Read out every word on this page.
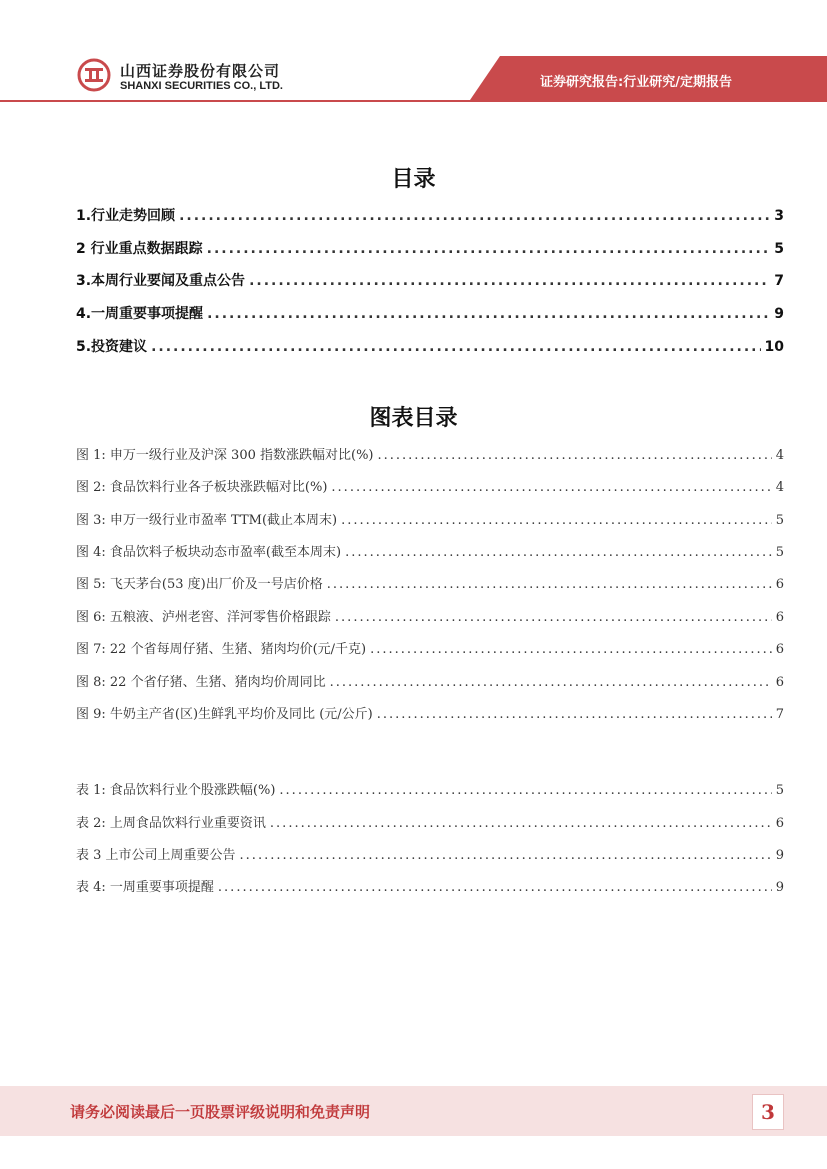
山西证券股份有限公司
SHANXI SECURITIES CO., LTD.	证券研究报告:行业研究/定期报告
目录
1.行业走势回顾 .....	3
2 行业重点数据跟踪 .....	5
3.本周行业要闻及重点公告 .....	7
4.一周重要事项提醒 .....	9
5.投资建议 .....	10
图表目录
图 1: 申万一级行业及沪深 300 指数涨跌幅对比(%) .....	4
图 2: 食品饮料行业各子板块涨跌幅对比(%) .....	4
图 3: 申万一级行业市盈率 TTM(截止本周末) .....	5
图 4: 食品饮料子板块动态市盈率(截至本周末) .....	5
图 5: 飞天茅台(53 度)出厂价及一号店价格 .....	6
图 6: 五粮液、泸州老窖、洋河零售价格跟踪 .....	6
图 7: 22 个省每周仔猪、生猪、猪肉均价(元/千克) .....	6
图 8: 22 个省仔猪、生猪、猪肉均价周同比 .....	6
图 9: 牛奶主产省(区)生鲜乳平均价及同比 (元/公斤) .....	7
表 1: 食品饮料行业个股涨跌幅(%) .....	5
表 2: 上周食品饮料行业重要资讯 .....	6
表 3 上市公司上周重要公告 .....	9
表 4: 一周重要事项提醒 .....	9
请务必阅读最后一页股票评级说明和免责声明	3
